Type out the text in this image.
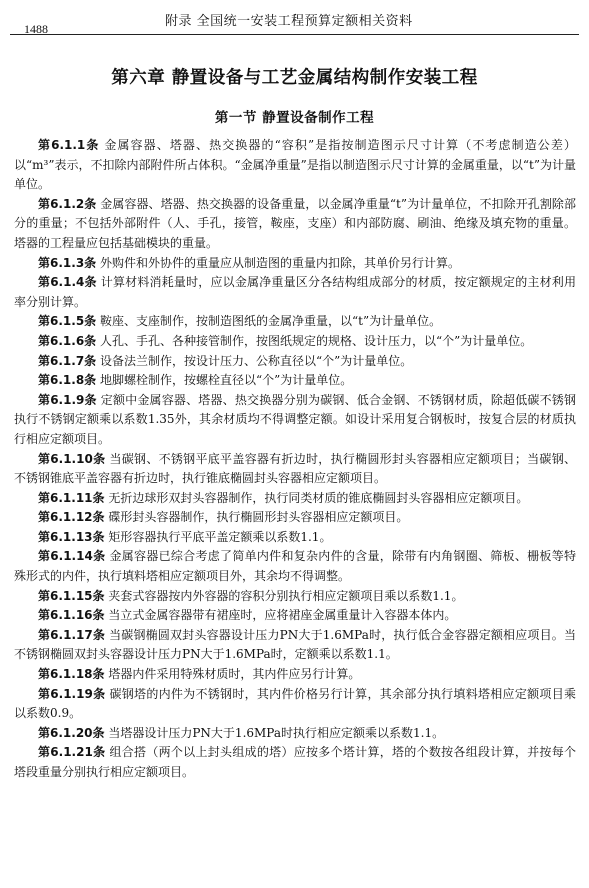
1488	附录 全国统一安装工程预算定额相关资料
第六章 静置设备与工艺金属结构制作安装工程
第一节 静置设备制作工程

第6.1.1条 金属容器、塔器、热交换器的“容积”是指按制造图示尺寸计算（不考虑制造公差）以“m³”表示，不扣除内部附件所占体积。“金属净重量”是指以制造图示尺寸计算的金属重量，以“t”为计量单位。

第6.1.2条 金属容器、塔器、热交换器的设备重量，以金属净重量“t”为计量单位，不扣除开孔割除部分的重量；不包括外部附件（人、手孔，接管，鞍座，支座）和内部防腐、刷油、绝缘及填充物的重量。塔器的工程量应包括基础模块的重量。

第6.1.3条 外购件和外协件的重量应从制造图的重量内扣除，其单价另行计算。

第6.1.4条 计算材料消耗量时，应以金属净重量区分各结构组成部分的材质，按定额规定的主材利用率分别计算。

第6.1.5条 鞍座、支座制作，按制造图纸的金属净重量，以“t”为计量单位。

第6.1.6条 人孔、手孔、各种接管制作，按图纸规定的规格、设计压力，以“个”为计量单位。

第6.1.7条 设备法兰制作，按设计压力、公称直径以“个”为计量单位。

第6.1.8条 地脚螺栓制作，按螺栓直径以“个”为计量单位。

第6.1.9条 定额中金属容器、塔器、热交换器分别为碳钢、低合金钢、不锈钢材质，除超低碳不锈钢执行不锈钢定额乘以系数1.35外，其余材质均不得调整定额。如设计采用复合钢板时，按复合层的材质执行相应定额项目。

第6.1.10条 当碳钢、不锈钢平底平盖容器有折边时，执行椭圆形封头容器相应定额项目；当碳钢、不锈钢锥底平盖容器有折边时，执行锥底椭圆封头容器相应定额项目。

第6.1.11条 无折边球形双封头容器制作，执行同类材质的锥底椭圆封头容器相应定额项目。

第6.1.12条 碟形封头容器制作，执行椭圆形封头容器相应定额项目。

第6.1.13条 矩形容器执行平底平盖定额乘以系数1.1。

第6.1.14条 金属容器已综合考虑了简单内件和复杂内件的含量，除带有内角钢圈、筛板、栅板等特殊形式的内件，执行填料塔相应定额项目外，其余均不得调整。

第6.1.15条 夹套式容器按内外容器的容积分别执行相应定额项目乘以系数1.1。

第6.1.16条 当立式金属容器带有裙座时，应将裙座金属重量计入容器本体内。

第6.1.17条 当碳钢椭圆双封头容器设计压力PN大于1.6MPa时，执行低合金容器定额相应项目。当不锈钢椭圆双封头容器设计压力PN大于1.6MPa时，定额乘以系数1.1。

第6.1.18条 塔器内件采用特殊材质时，其内件应另行计算。

第6.1.19条 碳钢塔的内件为不锈钢时，其内件价格另行计算，其余部分执行填料塔相应定额项目乘以系数0.9。

第6.1.20条 当塔器设计压力PN大于1.6MPa时执行相应定额乘以系数1.1。

第6.1.21条 组合搭（两个以上封头组成的塔）应按多个塔计算，塔的个数按各组段计算，并按每个塔段重量分别执行相应定额项目。
